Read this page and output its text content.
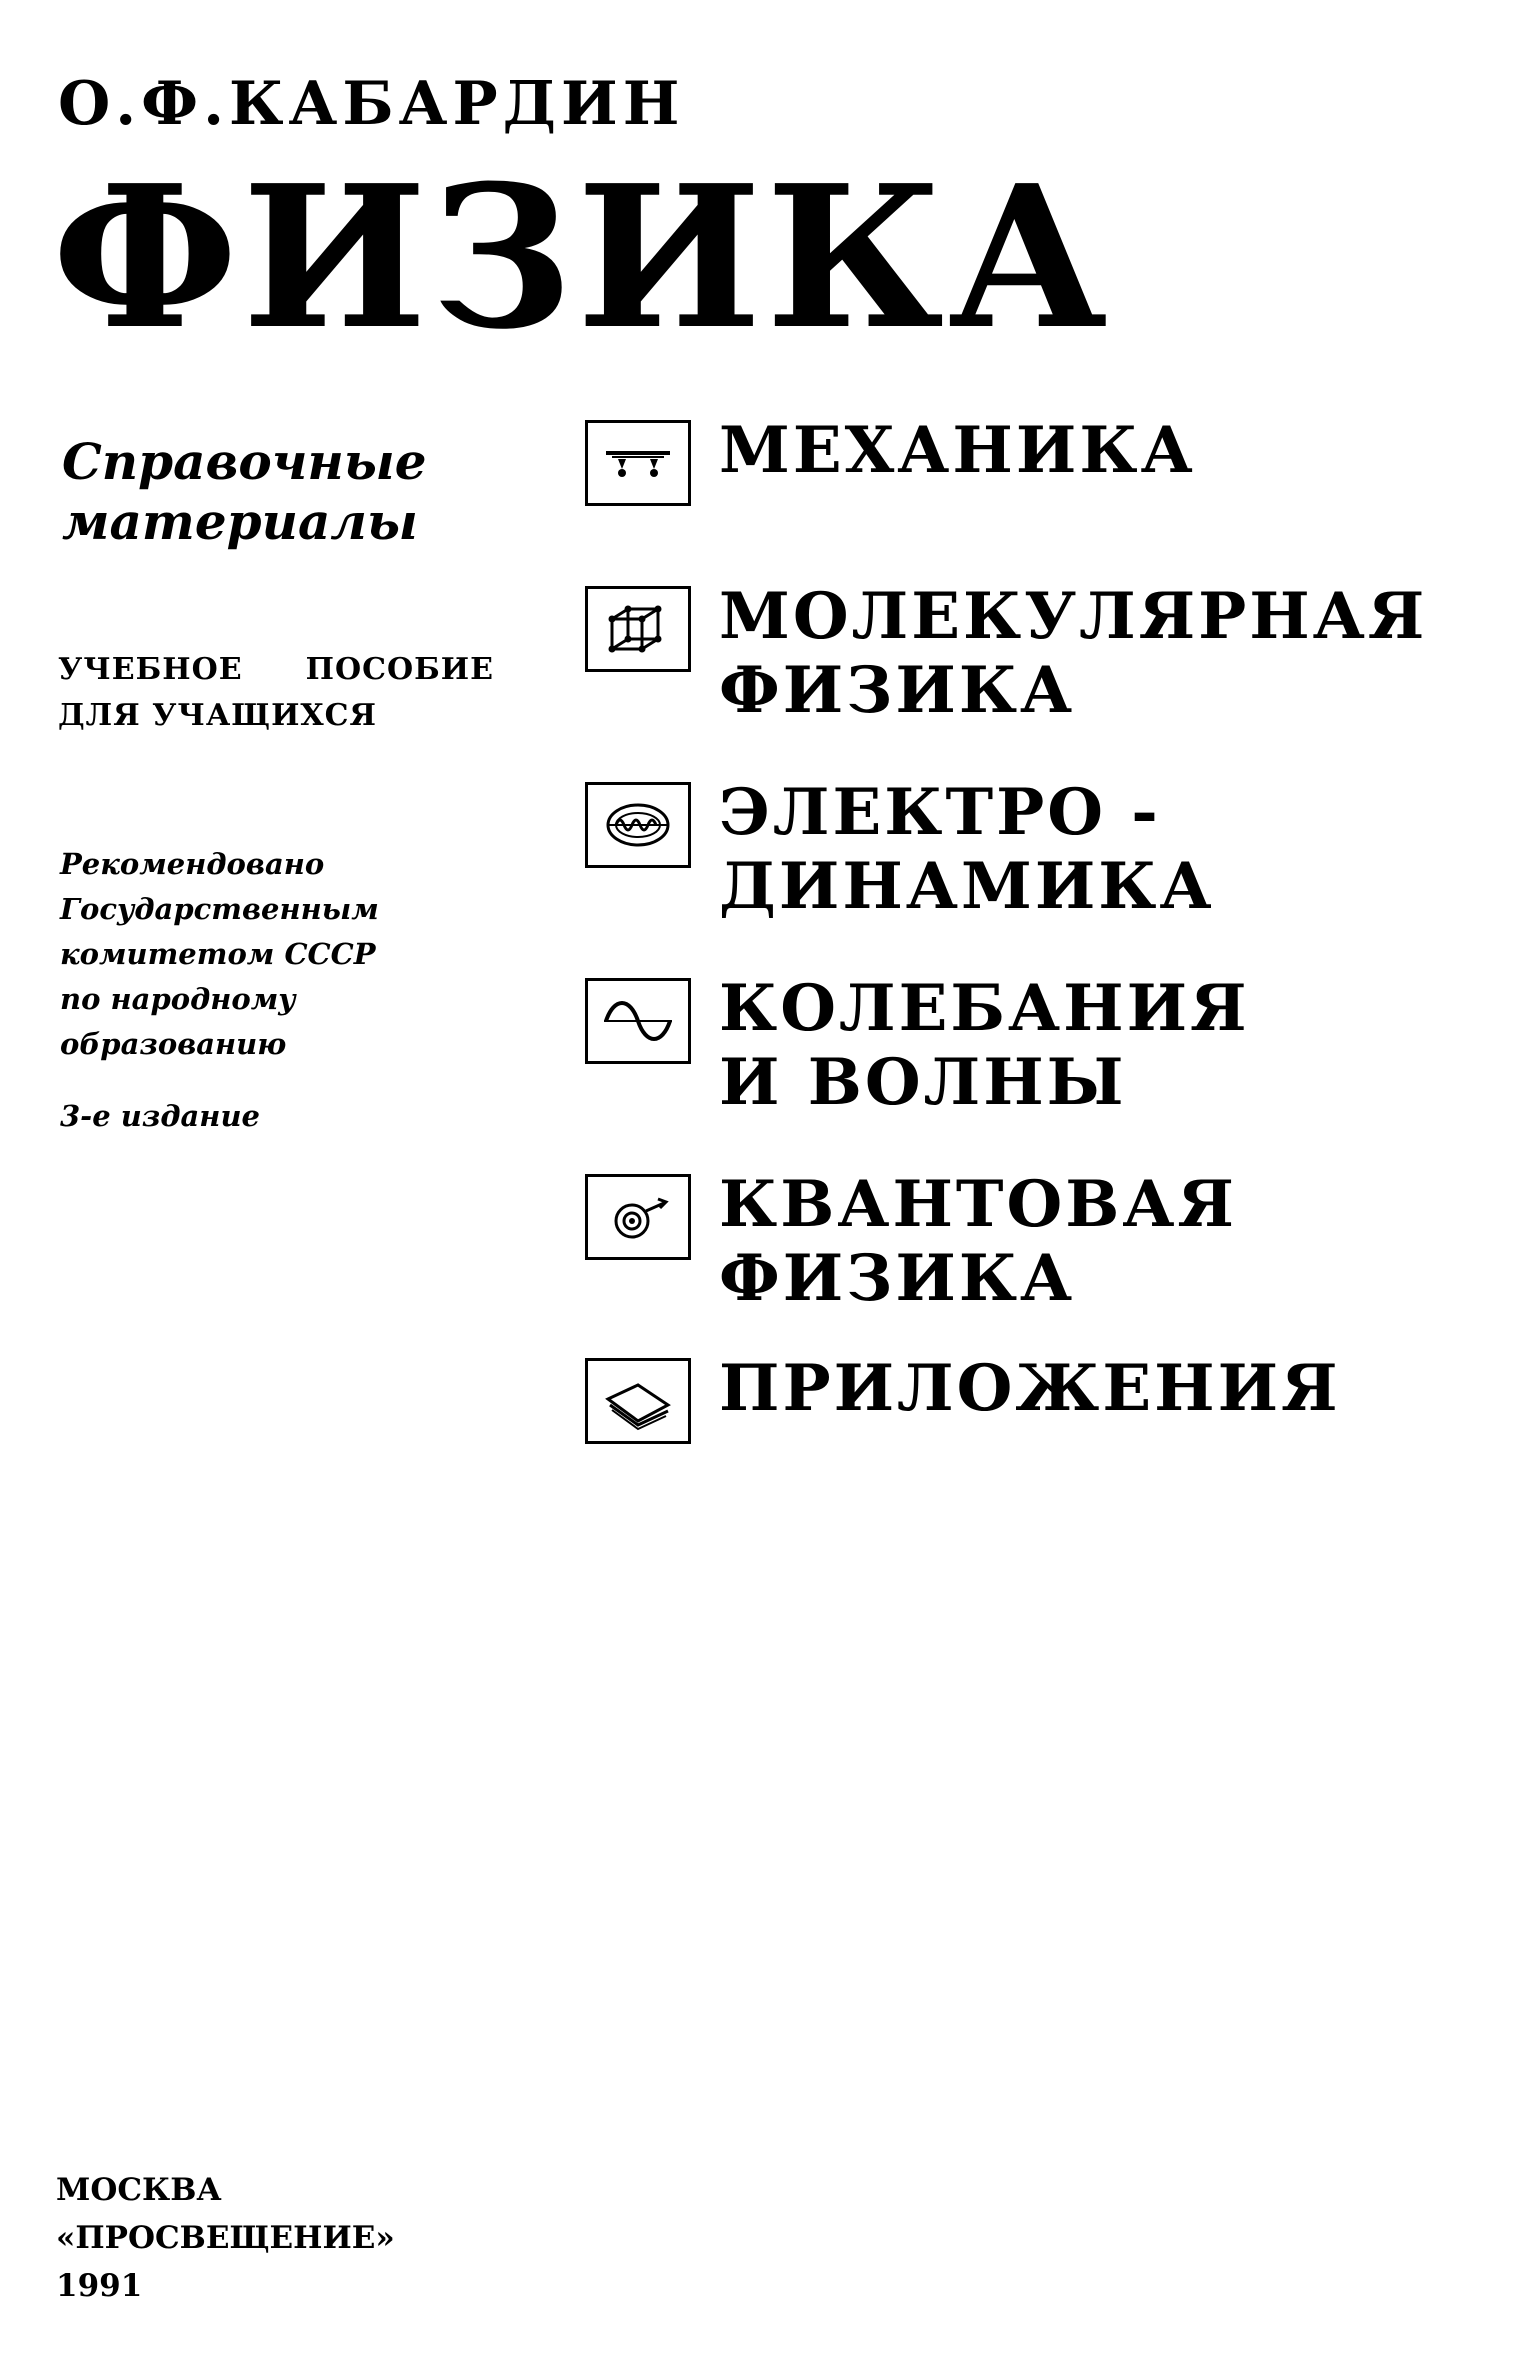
О.Ф.КАБАРДИН
ФИЗИКА
Справочные
материалы
УЧЕБНОЕ ПОСОБИЕ
ДЛЯ УЧАЩИХСЯ
Рекомендовано
Государственным
комитетом СССР
по народному
образованию
3-е издание
МЕХАНИКА
МОЛЕКУЛЯРНАЯ
ФИЗИКА
ЭЛЕКТРО -
ДИНАМИКА
КОЛЕБАНИЯ
И ВОЛНЫ
КВАНТОВАЯ
ФИЗИКА
ПРИЛОЖЕНИЯ
МОСКВА
«ПРОСВЕЩЕНИЕ»
1991
